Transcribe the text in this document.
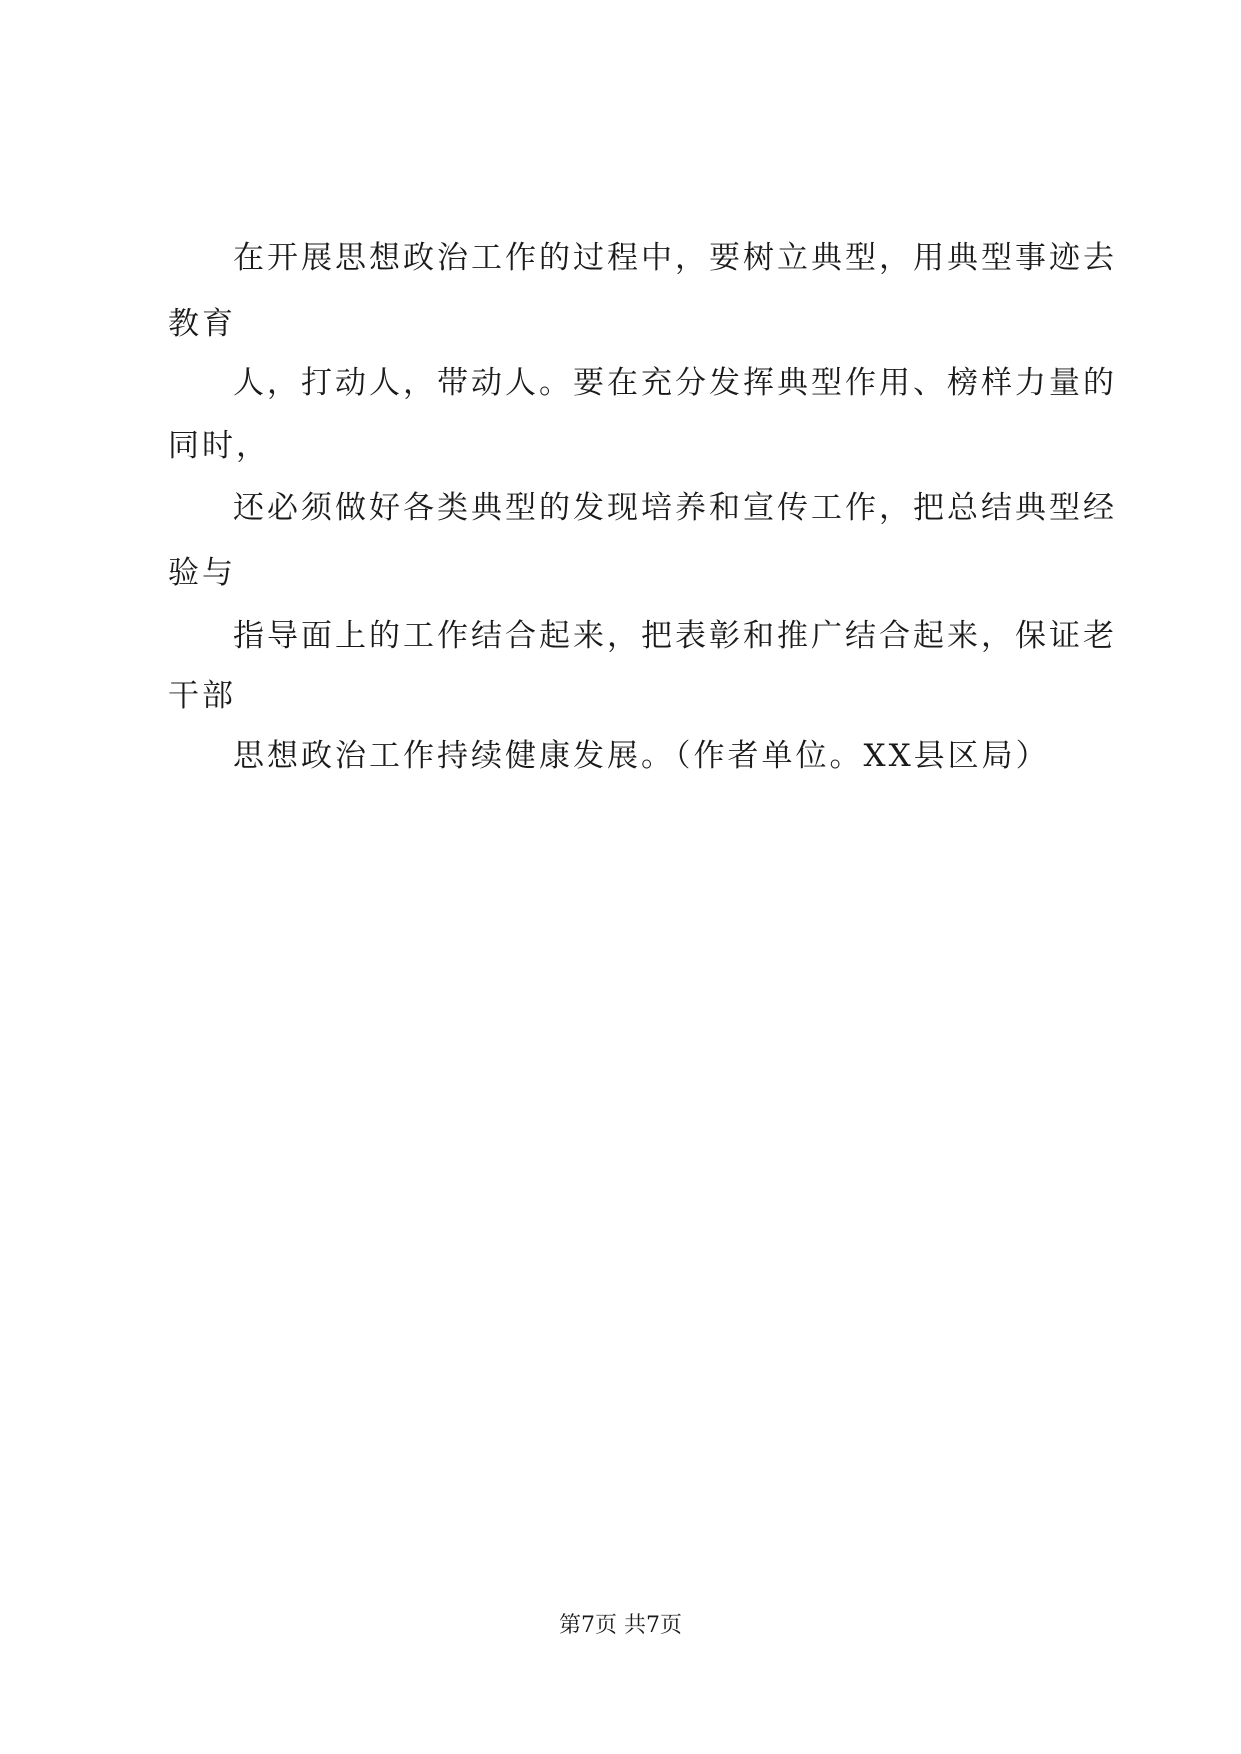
在开展思想政治工作的过程中，要树立典型，用典型事迹去
教育
人，打动人，带动人。要在充分发挥典型作用、榜样力量的
同时，
还必须做好各类典型的发现培养和宣传工作，把总结典型经
验与
指导面上的工作结合起来，把表彰和推广结合起来，保证老
干部
思想政治工作持续健康发展。（作者单位。XX县区局）
第7页 共7页
